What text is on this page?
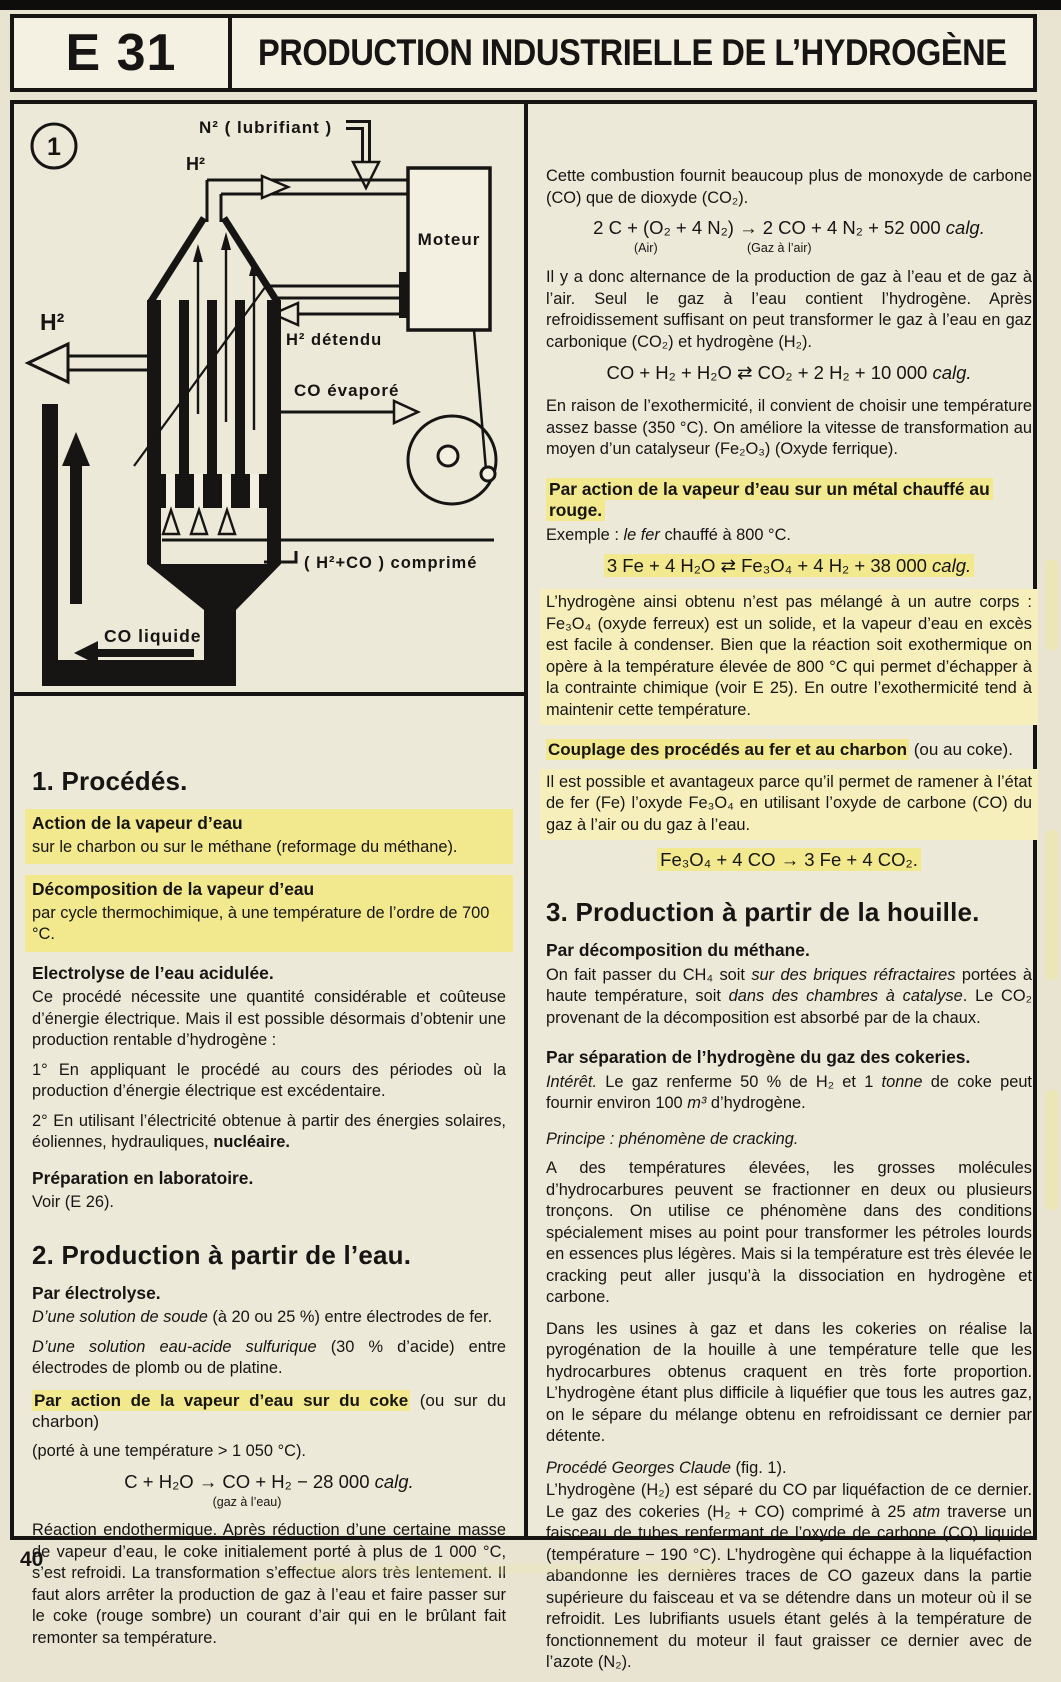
E 31	PRODUCTION INDUSTRIELLE DE L’HYDROGÈNE
1
N² ( lubrifiant )
H²
Moteur
H² détendu
( H²+CO ) comprimé
CO liquide
H²
CO évaporé
1. Procédés.

Action de la vapeur d’eau

sur le charbon ou sur le méthane (reformage du méthane).

Décomposition de la vapeur d’eau

par cycle thermochimique, à une température de l’ordre de 700 °C.

Electrolyse de l’eau acidulée.

Ce procédé nécessite une quantité considérable et coûteuse d’énergie électrique. Mais il est possible désormais d’obtenir une production rentable d’hydrogène :

1° En appliquant le procédé au cours des périodes où la production d’énergie électrique est excédentaire.

2° En utilisant l’électricité obtenue à partir des énergies solaires, éoliennes, hydrauliques, nucléaire.

Préparation en laboratoire.

Voir (E 26).

2. Production à partir de l’eau.

Par électrolyse.

D’une solution de soude (à 20 ou 25 %) entre électrodes de fer.

D’une solution eau-acide sulfurique (30 % d’acide) entre électrodes de plomb ou de platine.

Par action de la vapeur d’eau sur du coke (ou sur du charbon)

(porté à une température > 1 050 °C).

C + H₂O → CO + H₂ − 28 000 calg.
(gaz à l’eau)

Réaction endothermique. Après réduction d’une certaine masse de vapeur d’eau, le coke initialement porté à plus de 1 000 °C, s’est refroidi. La transformation s’effectue alors très lentement. Il faut alors arrêter la production de gaz à l’eau et faire passer sur le coke (rouge sombre) un courant d’air qui en le brûlant fait remonter sa température.

Cette combustion fournit beaucoup plus de monoxyde de carbone (CO) que de dioxyde (CO₂).

2 C + (O₂ + 4 N₂) → 2 CO + 4 N₂ + 52 000 calg.
(Air)	(Gaz à l’air)

Il y a donc alternance de la production de gaz à l’eau et de gaz à l’air. Seul le gaz à l’eau contient l’hydrogène. Après refroidissement suffisant on peut transformer le gaz à l’eau en gaz carbonique (CO₂) et hydrogène (H₂).

CO + H₂ + H₂O ⇄ CO₂ + 2 H₂ + 10 000 calg.

En raison de l’exothermicité, il convient de choisir une température assez basse (350 °C). On améliore la vitesse de transformation au moyen d’un catalyseur (Fe₂O₃) (Oxyde ferrique).

Par action de la vapeur d’eau sur un métal chauffé au rouge.

Exemple : le fer chauffé à 800 °C.

3 Fe + 4 H₂O ⇄ Fe₃O₄ + 4 H₂ + 38 000 calg.

L’hydrogène ainsi obtenu n’est pas mélangé à un autre corps : Fe₃O₄ (oxyde ferreux) est un solide, et la vapeur d’eau en excès est facile à condenser. Bien que la réaction soit exothermique on opère à la température élevée de 800 °C qui permet d’échapper à la contrainte chimique (voir E 25). En outre l’exothermicité tend à maintenir cette température.

Couplage des procédés au fer et au charbon (ou au coke).

Il est possible et avantageux parce qu’il permet de ramener à l’état de fer (Fe) l’oxyde Fe₃O₄ en utilisant l’oxyde de carbone (CO) du gaz à l’air ou du gaz à l’eau.

Fe₃O₄ + 4 CO → 3 Fe + 4 CO₂.
3. Production à partir de la houille.

Par décomposition du méthane.

On fait passer du CH₄ soit sur des briques réfractaires portées à haute température, soit dans des chambres à catalyse. Le CO₂ provenant de la décomposition est absorbé par de la chaux.

Par séparation de l’hydrogène du gaz des cokeries.

Intérêt. Le gaz renferme 50 % de H₂ et 1 tonne de coke peut fournir environ 100 m³ d’hydrogène.

Principe : phénomène de cracking.

A des températures élevées, les grosses molécules d’hydrocarbures peuvent se fractionner en deux ou plusieurs tronçons. On utilise ce phénomène dans des conditions spécialement mises au point pour transformer les pétroles lourds en essences plus légères. Mais si la température est très élevée le cracking peut aller jusqu’à la dissociation en hydrogène et carbone.

Dans les usines à gaz et dans les cokeries on réalise la pyrogénation de la houille à une température telle que les hydrocarbures obtenus craquent en très forte proportion. L’hydrogène étant plus difficile à liquéfier que tous les autres gaz, on le sépare du mélange obtenu en refroidissant ce dernier par détente.

Procédé Georges Claude (fig. 1).

L’hydrogène (H₂) est séparé du CO par liquéfaction de ce dernier. Le gaz des cokeries (H₂ + CO) comprimé à 25 atm traverse un faisceau de tubes renfermant de l’oxyde de carbone (CO) liquide (température − 190 °C). L’hydrogène qui échappe à la liquéfaction abandonne les dernières traces de CO gazeux dans la partie supérieure du faisceau et va se détendre dans un moteur où il se refroidit. Les lubrifiants usuels étant gelés à la température de fonctionnement du moteur il faut graisser ce dernier avec de l’azote (N₂).

40
